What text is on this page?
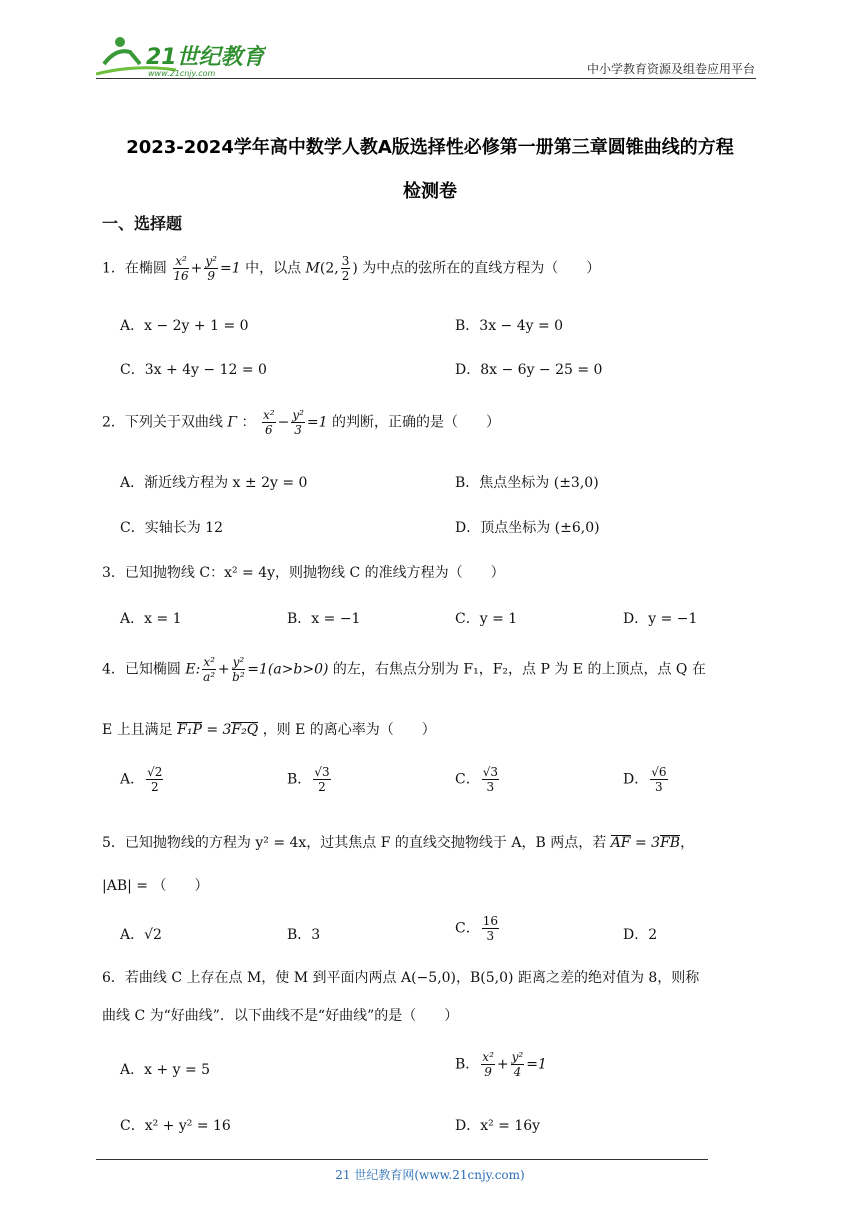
21世纪教育
www.21cnjy.com	中小学教育资源及组卷应用平台
2023-2024学年高中数学人教A版选择性必修第一册第三章圆锥曲线的方程
检测卷
一、选择题
1．在椭圆 $\frac{\text{x²}}{16} + \frac{\text{y²}}{9} =1$ 中，以点 M(2, $\frac{3}{2}$ ) 为中点的弦所在的直线方程为（　　）
A．x − 2y + 1 = 0	B．3x − 4y = 0
C．3x + 4y − 12 = 0	D．8x − 6y − 25 = 0
2．下列关于双曲线 Γ ： $\frac{\text{x²}}{6} - \frac{\text{y²}}{3} =1$ 的判断，正确的是（　　）
A．渐近线方程为 x ± 2y = 0	B．焦点坐标为 (±3,0)
C．实轴长为 12	D．顶点坐标为 (±6,0)
3．已知抛物线 C：x² = 4y，则抛物线 C 的准线方程为（　　）
A．x = 1	B．x = −1	C．y = 1	D．y = −1
4．已知椭圆 E: $\frac{\text{x²}}{\text{a²}} + \frac{\text{y²}}{\text{b²}} =1(a>b>0)$ 的左，右焦点分别为 F₁，F₂，点 P 为 E 的上顶点，点 Q 在
E 上且满足 F₁P = 3F₂Q ，则 E 的离心率为（　　）
A． $\frac{√2}{2}$	B． $\frac{√3}{2}$	C． $\frac{√3}{3}$	D． $\frac{√6}{3}$
5．已知抛物线的方程为 y² = 4x，过其焦点 F 的直线交抛物线于 A，B 两点，若 AF = 3FB，
|AB| = （　　）
A．√2	B．3	C． $\frac{16}{3}$	D．2
6．若曲线 C 上存在点 M，使 M 到平面内两点 A(−5,0)，B(5,0) 距离之差的绝对值为 8，则称
曲线 C 为“好曲线”．以下曲线不是“好曲线”的是（　　）
A．x + y = 5	B． $\frac{\text{x²}}{9} + \frac{\text{y²}}{4} =1$
C．x² + y² = 16	D．x² = 16y
21 世纪教育网(www.21cnjy.com)
